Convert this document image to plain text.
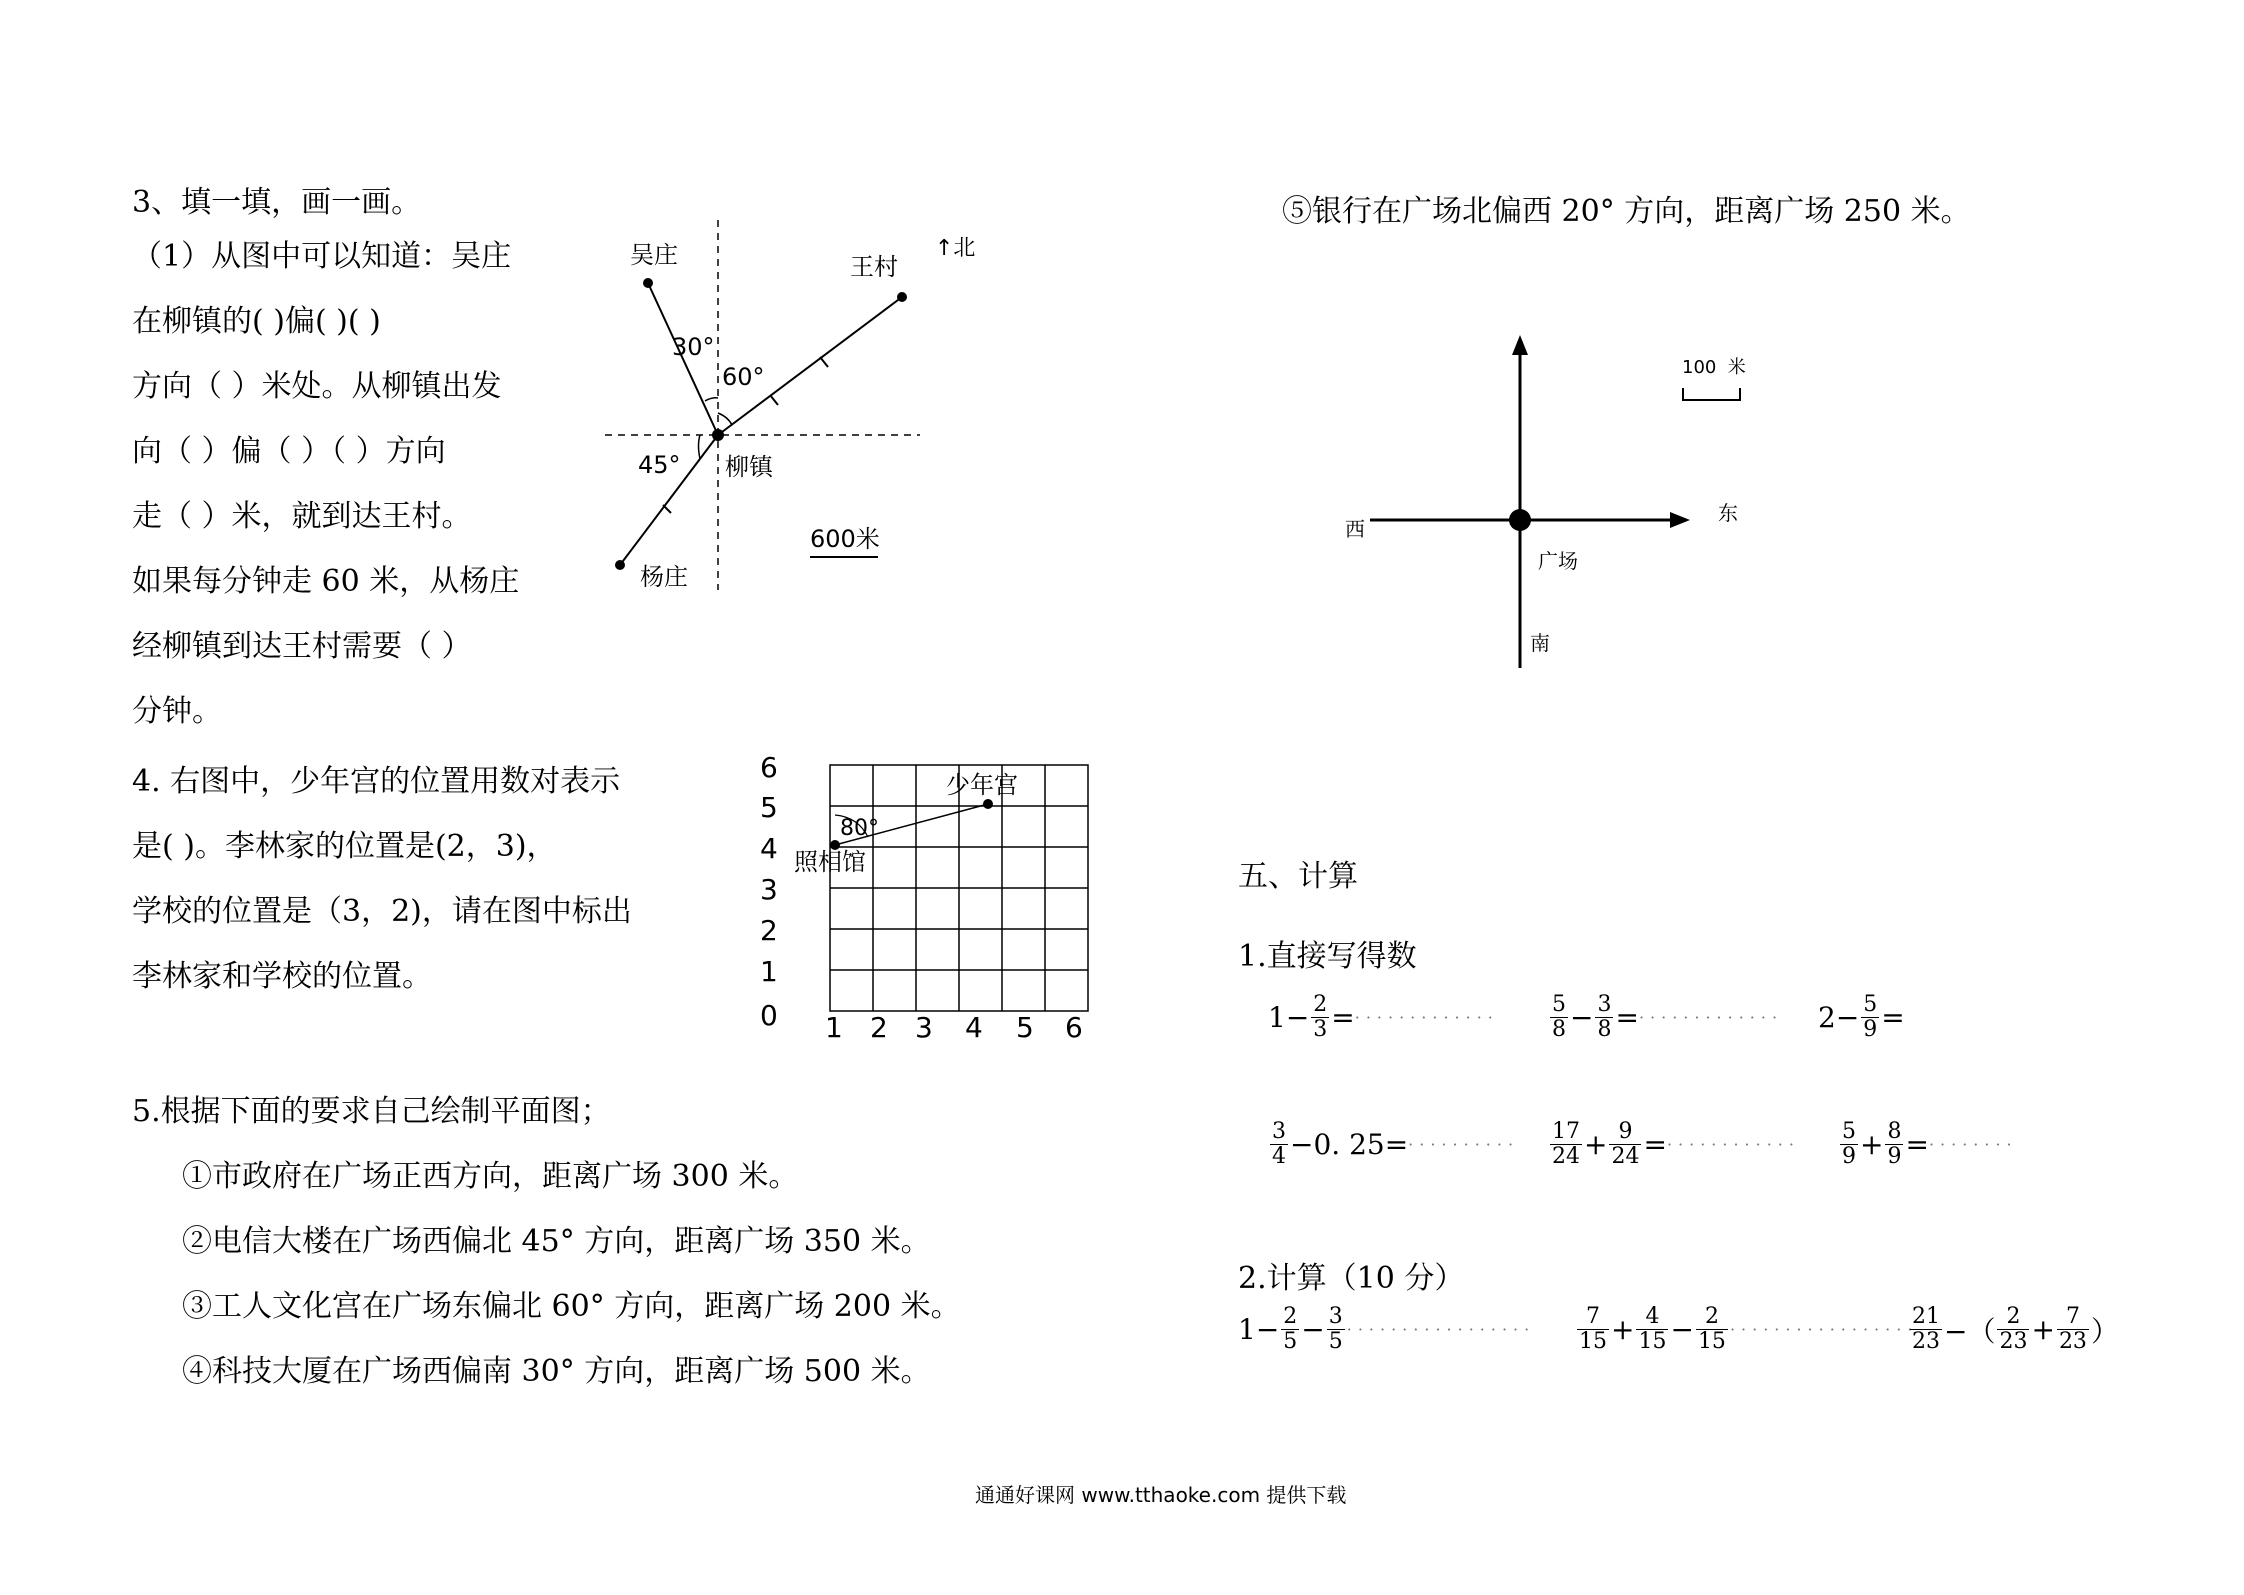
3、填一填，画一画。
（1）从图中可以知道：吴庄
在柳镇的( )偏( )( )
方向（ ）米处。从柳镇出发
向（ ）偏（ ）（ ）方向
走（ ）米，就到达王村。
如果每分钟走 60 米，从杨庄
经柳镇到达王村需要（ ）
分钟。
↑北
吴庄	王村
杨庄
柳镇
30°
60°
45°
600米
4. 右图中，少年宫的位置用数对表示
是( )。李林家的位置是(2，3)，
学校的位置是（3，2)，请在图中标出
李林家和学校的位置。
80°
少年宫
照相馆
0 1 2 3 4 5 6
1
2
3
4
5
6
5.根据下面的要求自己绘制平面图；
①市政府在广场正西方向，距离广场 300 米。
②电信大楼在广场西偏北 45° 方向，距离广场 350 米。
③工人文化宫在广场东偏北 60° 方向，距离广场 200 米。
④科技大厦在广场西偏南 30° 方向，距离广场 500 米。
⑤银行在广场北偏西 20° 方向，距离广场 250 米。
东
西
南
广场
100  米
五、计算
1.直接写得数
$1- \frac{2}{3}$ = ············· $\frac{5}{8} - \frac{3}{8}$ = ············· $2- \frac{5}{9}$ =
$\frac{3}{4} -0$. 25= ·········· $\frac{17}{24} + \frac{9}{24}$ = ············ $\frac{5}{9} + \frac{8}{9}$ = ········
2.计算（10 分）
$1- \frac{2}{5} - \frac{3}{5}$ ················· $\frac{7}{15} + \frac{4}{15} - \frac{2}{15}$ ·················
$\frac{21}{23}$ −（ $\frac{2}{23} + \frac{7}{23}$ ）
通通好课网 www.tthaoke.com 提供下载
